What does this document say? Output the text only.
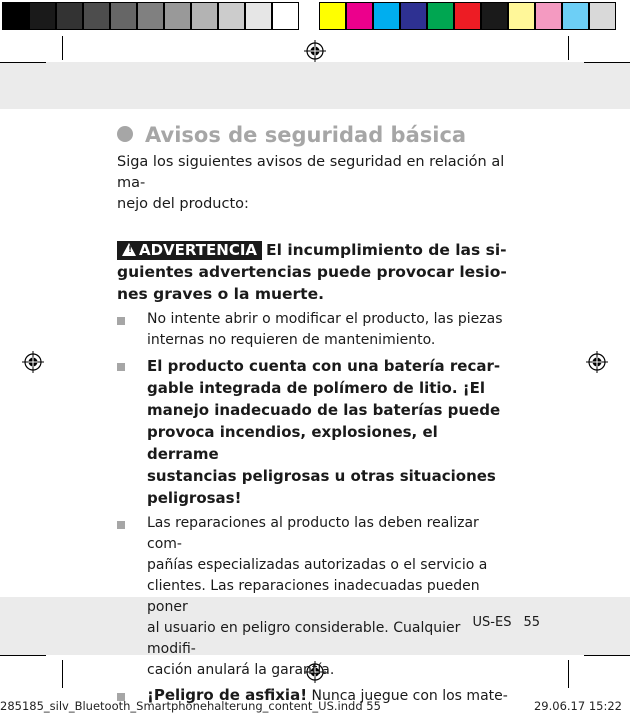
Avisos de seguridad básica

Siga los siguientes avisos de seguridad en relación al ma-
nejo del producto:

! ADVERTENCIA El incumplimiento de las si-
guientes advertencias puede provocar lesio-
nes graves o la muerte.

No intente abrir o modificar el producto, las piezas
internas no requieren de mantenimiento.
El producto cuenta con una batería recar-
gable integrada de polímero de litio. ¡El
manejo inadecuado de las baterías puede
provoca incendios, explosiones, el derrame
sustancias peligrosas u otras situaciones
peligrosas!
Las reparaciones al producto las deben realizar com-
pañías especializadas autorizadas o el servicio a
clientes. Las reparaciones inadecuadas pueden poner
al usuario en peligro considerable. Cualquier modifi-
cación anulará la garantía.
¡Peligro de asfixia! Nunca juegue con los mate-
US-ES 55
285185_silv_Bluetooth_Smartphonehalterung_content_US.indd 55	29.06.17 15:22
